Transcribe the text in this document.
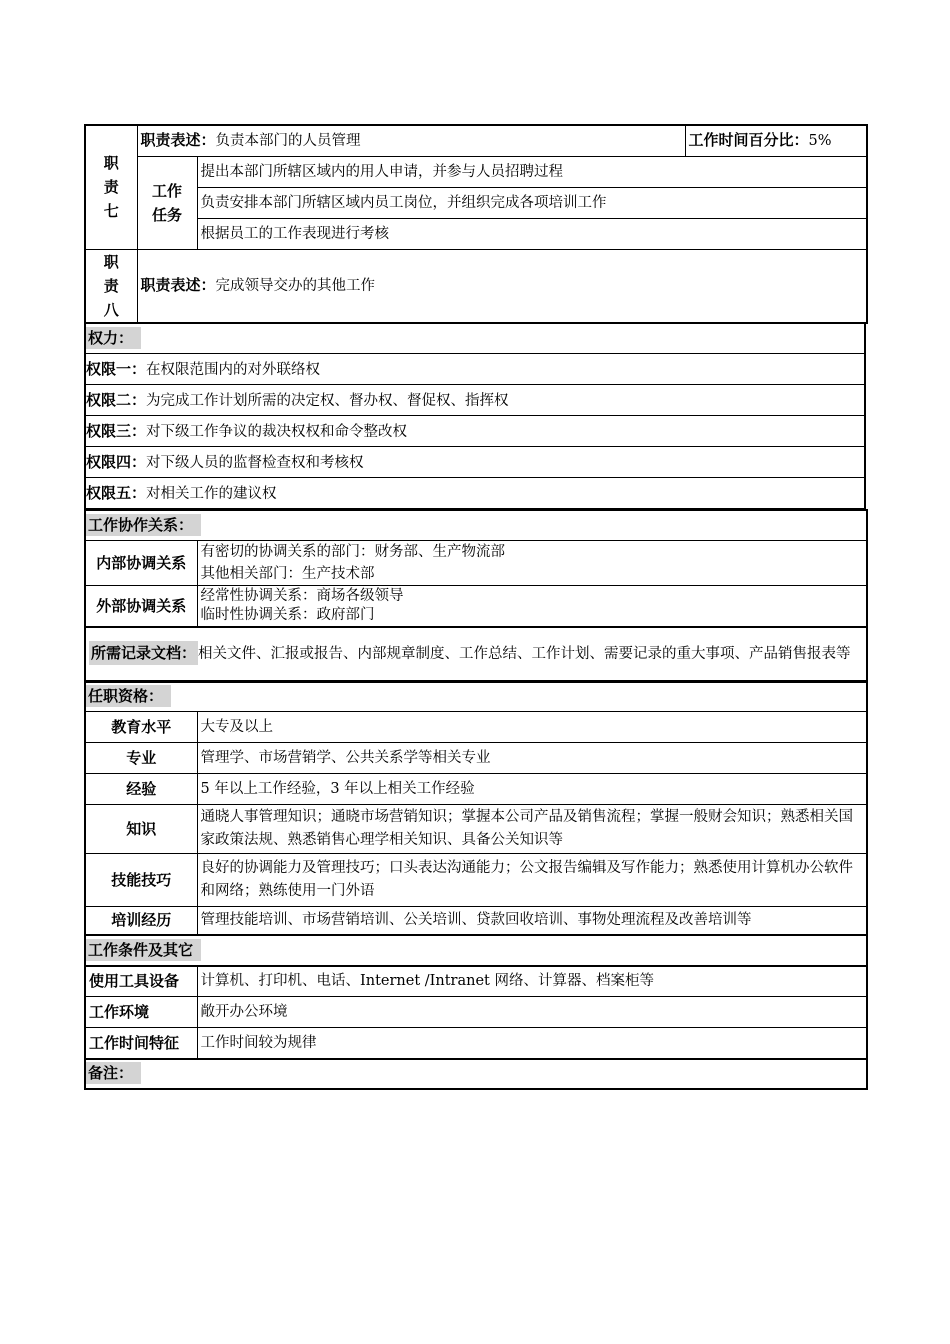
职
责
七	职责表述：负责本部门的人员管理		工作时间百分比：5%

	工作
任务	提出本部门所辖区域内的用人申请，并参与人员招聘过程	
		负责安排本部门所辖区域内员工岗位，并组织完成各项培训工作	
		根据员工的工作表现进行考核	

职
责
八	职责表述：完成领导交办的其他工作		
权力：
权限一：在权限范围内的对外联络权
权限二：为完成工作计划所需的决定权、督办权、督促权、指挥权
权限三：对下级工作争议的裁决权权和命令整改权
权限四：对下级人员的监督检查权和考核权
权限五：对相关工作的建议权
工作协作关系：	
内部协调关系	有密切的协调关系的部门：财务部、生产物流部
其他相关部门：生产技术部

外部协调关系	经常性协调关系：商场各级领导
临时性协调关系：政府部门

所需记录文档： 相关文件、汇报或报告、内部规章制度、工作总结、工作计划、需要记录的重大事项、产品销售报表等	
任职资格：	
教育水平	大专及以上
专业	管理学、市场营销学、公共关系学等相关专业
经验	5 年以上工作经验，3 年以上相关工作经验
知识	通晓人事管理知识；通晓市场营销知识；掌握本公司产品及销售流程；掌握一般财会知识；熟悉相关国家政策法规、熟悉销售心理学相关知识、具备公关知识等
技能技巧	良好的协调能力及管理技巧；口头表达沟通能力；公文报告编辑及写作能力；熟悉使用计算机办公软件和网络；熟练使用一门外语
培训经历	管理技能培训、市场营销培训、公关培训、贷款回收培训、事物处理流程及改善培训等
工作条件及其它	
使用工具设备	计算机、打印机、电话、Internet /Intranet 网络、计算器、档案柜等
工作环境	敞开办公环境
工作时间特征	工作时间较为规律
备注：	
